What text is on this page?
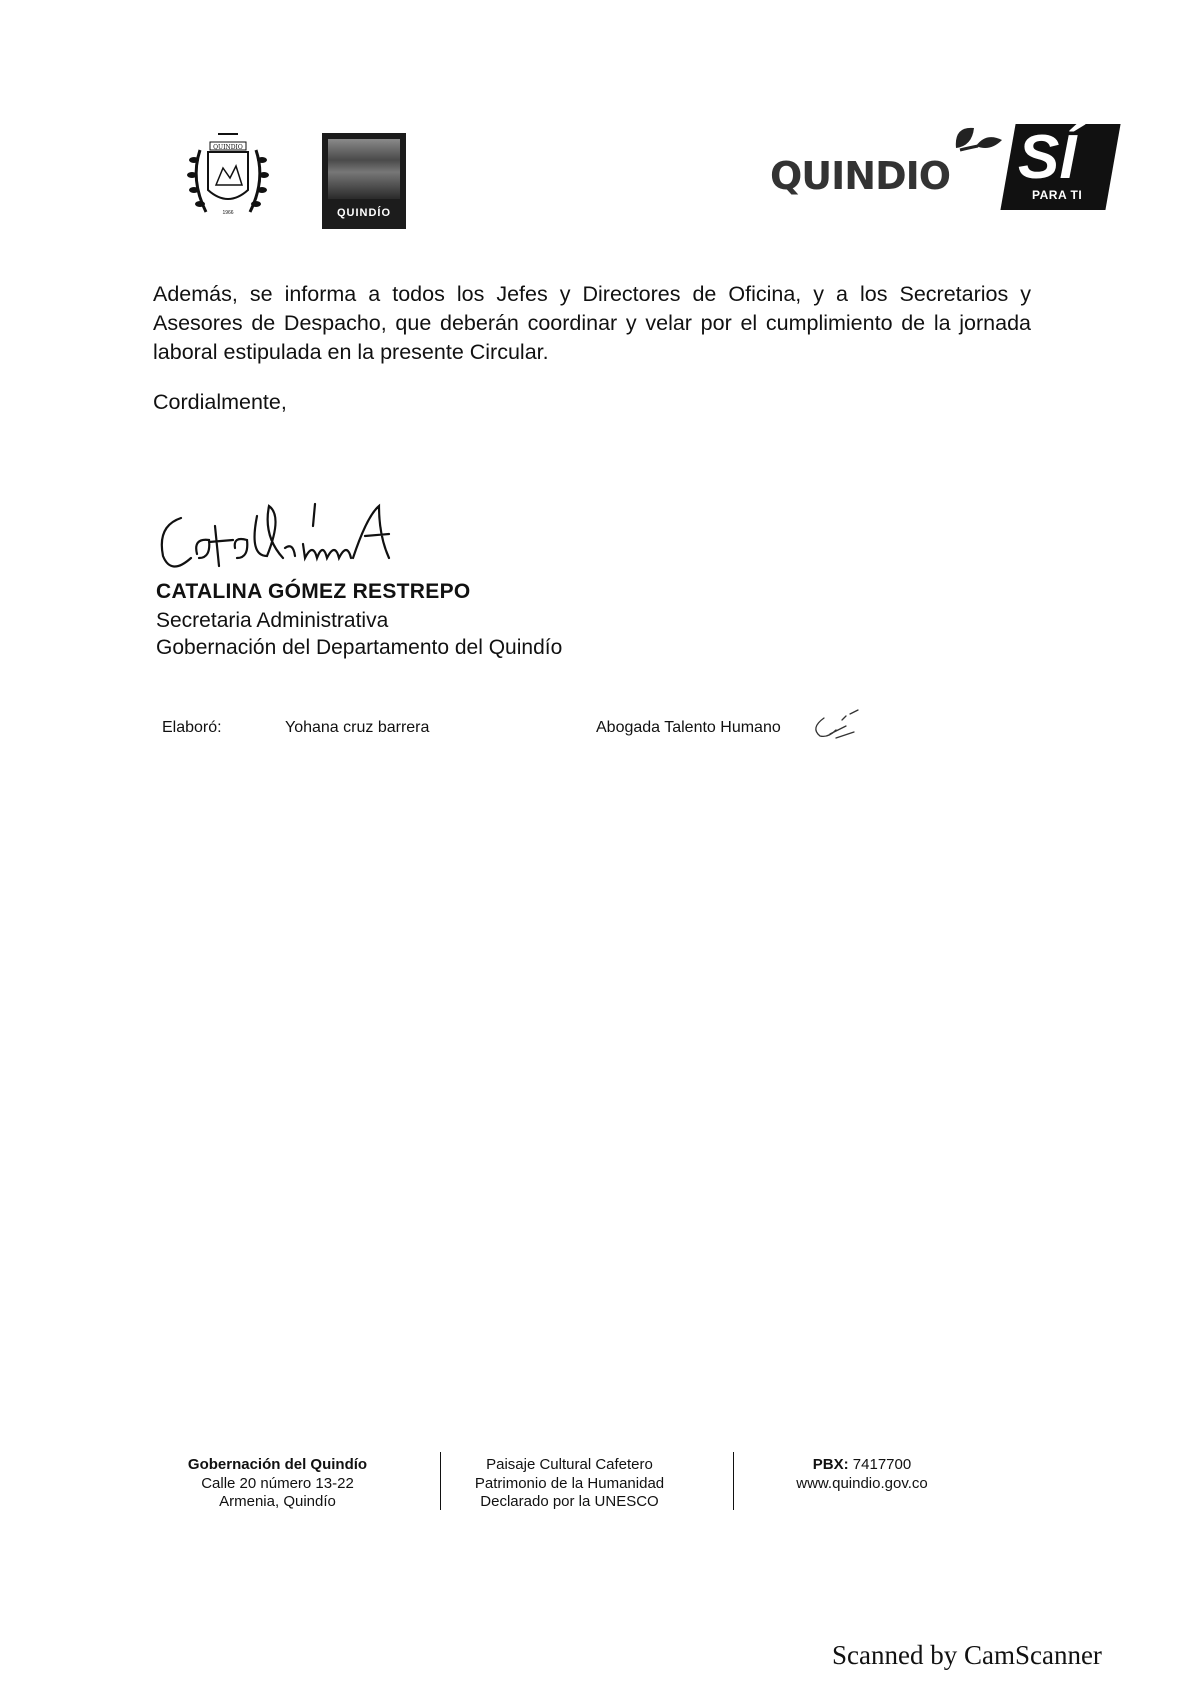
QUINDIO
1966	QUINDÍO
QUINDIO SÍ
PARA TI
Además, se informa a todos los Jefes y Directores de Oficina, y a los Secretarios y Asesores de Despacho, que deberán coordinar y velar por el cumplimiento de la jornada laboral estipulada en la presente Circular.
Cordialmente,
CATALINA GÓMEZ RESTREPO
Secretaria Administrativa
Gobernación del Departamento del Quindío
Elaboró:	Yohana cruz barrera	Abogada Talento Humano
Gobernación del Quindío
Calle 20 número 13-22
Armenia, Quindío
Paisaje Cultural Cafetero
Patrimonio de la Humanidad
Declarado por la UNESCO
PBX: 7417700
www.quindio.gov.co
Scanned by CamScanner
